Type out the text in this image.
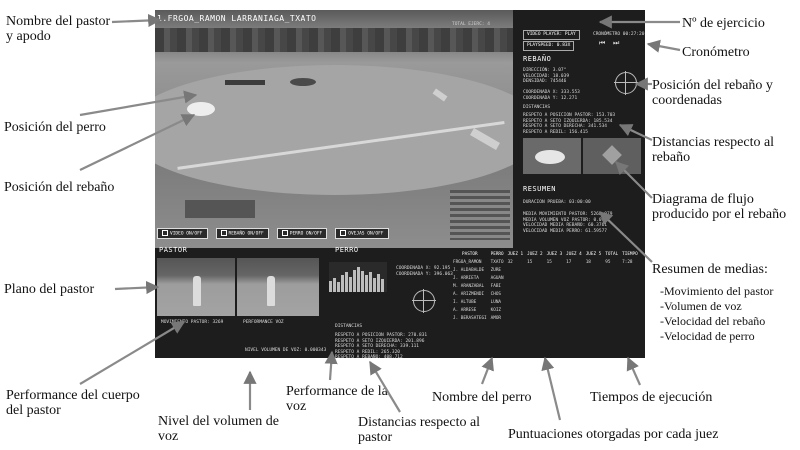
Nombre del pastor y apodo
Posición del perro
Posición del rebaño
Plano del pastor
Performance del cuerpo del pastor
Nivel del volumen de voz
Performance de la voz
Distancias respecto al pastor
Nombre del perro
Puntuaciones otorgadas por cada juez
Tiempos de ejecución
Nº de ejercicio
Cronómetro
Posición del rebaño y coordenadas
Distancias respecto al rebaño
Diagrama de flujo producido por el rebaño
Resumen de medias:
-Movimiento del pastor
-Volumen de voz
-Velocidad del rebaño
-Velocidad de perro
1.FRGOA_RAMON LARRANIAGA_TXATO
TOTAL EJERC: 4
VIDEO ON/OFF	REBAÑO ON/OFF	PERRO ON/OFF	OVEJAS ON/OFF
VIDEO PLAYER: PLAY
PLAYSPEED: 0.83X
CRONÓMETRO 00:27:20
⏮ ⏭
REBAÑO
DIRECCIÓN: 3.07°
VELOCIDAD: 18.039
DENSIDAD: 745446
COORDENADA X: 333.553
COORDENADA Y: 12.271
DISTANCIAS
RESPETO A POSICION PASTOR: 153.703
RESPETO A SETO IZQUIERDA: 185.534
RESPETO A SETO DERECHA: 341.534
RESPETO A REDIL: 156.415
RESUMEN
DURACION PRUEBA: 03:00:00
MEDIA MOVIMIENTO PASTOR: 5268.079
MEDIA VOLUMEN VOZ PASTOR: 0.0978
VELOCIDAD MEDIA REBAÑO: 60.3761
VELOCIDAD MEDIA PERRO: 61.59577
PASTOR	PERRO
MOVIMIENTO PASTOR: 3269	PERFORMANCE VOZ
NIVEL VOLUMEN DE VOZ: 0.000343
COORDENADA X: 92.195
COORDENADA Y: 396.063
DISTANCIAS
RESPETO A POSICION PASTOR: 270.831
RESPETO A SETO IZQUIERDA: 201.896
RESPETO A SETO DERECHA: 339.111
RESPETO A REDIL: 265.320
RESPETO A REBAÑO: 408.712
PASTOR	PERRO	JUEZ 1	JUEZ 2	JUEZ 3	JUEZ 4	JUEZ 5	TOTAL	TIEMPO
FRGOA_RAMON	TXATO	32	15	15	17	18	95	7:28
J. ALDABALDE	ZURE							
J. ARRIETA	AGUAN							
M. ARANZABAL	FABI							
A. ARIZMENDI	CHOS							
I. ALTUBE	LUNA							
A. ARRESE	KOIZ							
J. BERASATEGI	AMOR							
